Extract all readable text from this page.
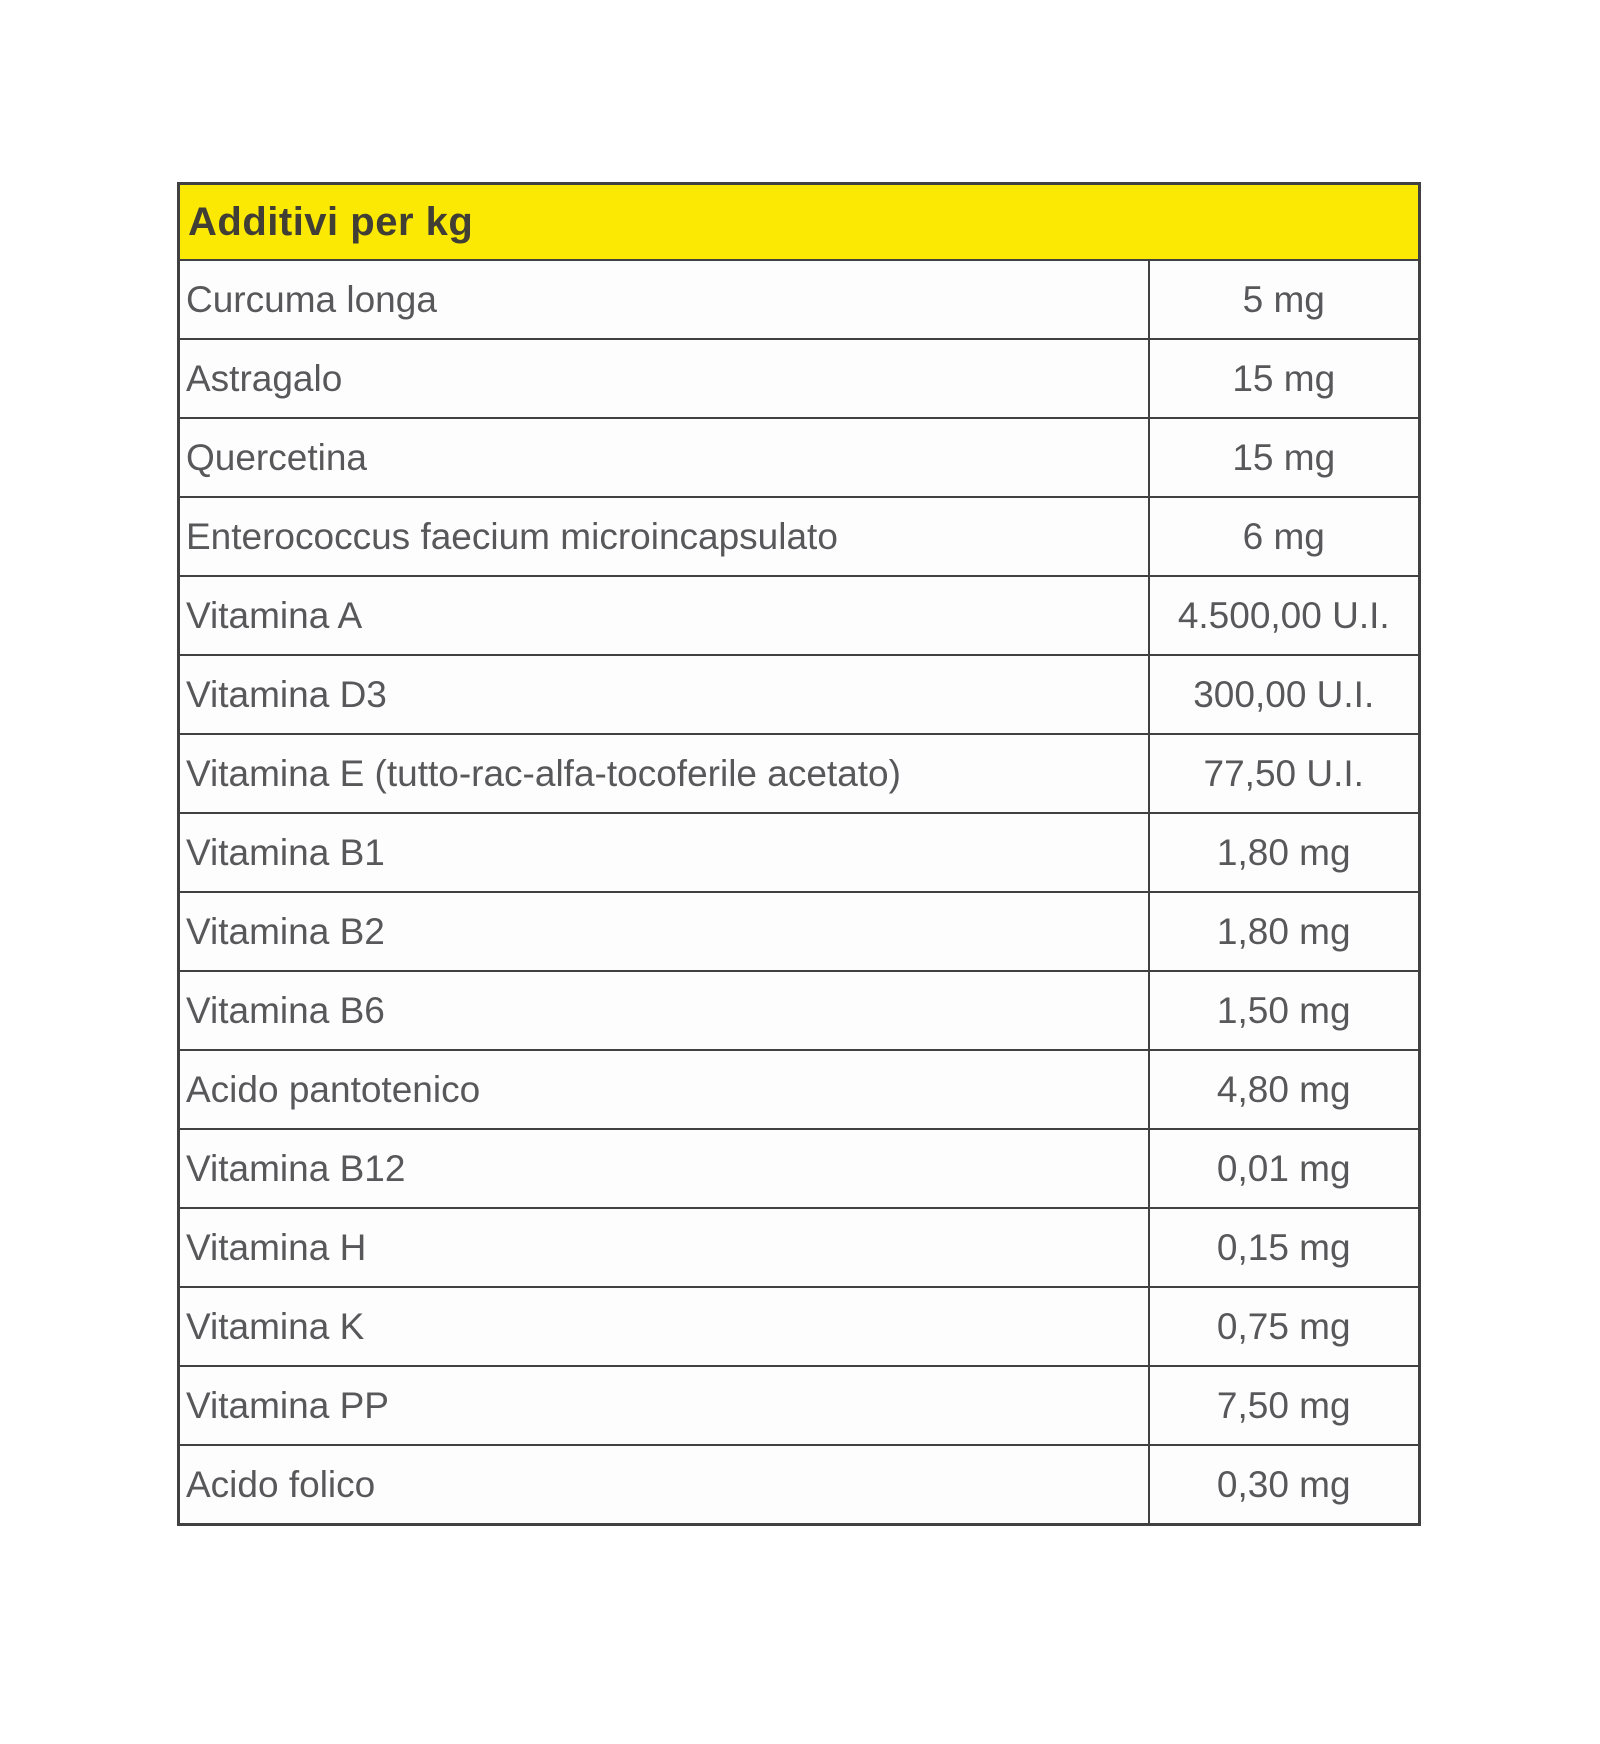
Additivi per kg	
Curcuma longa	5 mg
Astragalo	15 mg
Quercetina	15 mg
Enterococcus faecium microincapsulato	6 mg
Vitamina A	4.500,00 U.I.
Vitamina D3	300,00 U.I.
Vitamina E (tutto-rac-alfa-tocoferile acetato)	77,50 U.I.
Vitamina B1	1,80 mg
Vitamina B2	1,80 mg
Vitamina B6	1,50 mg
Acido pantotenico	4,80 mg
Vitamina B12	0,01 mg
Vitamina H	0,15 mg
Vitamina K	0,75 mg
Vitamina PP	7,50 mg
Acido folico	0,30 mg
